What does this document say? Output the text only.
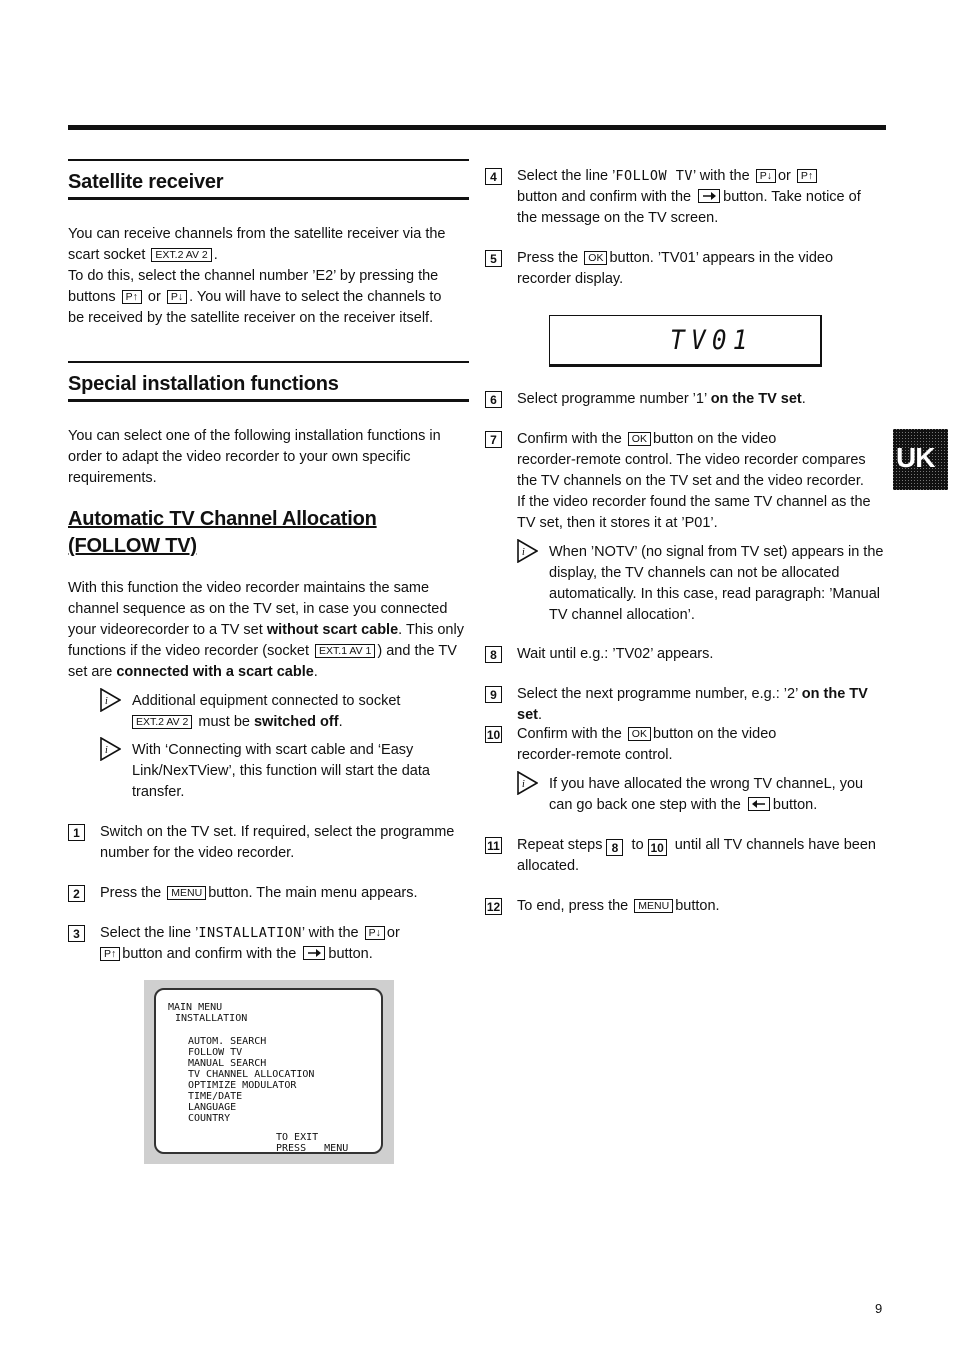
Satellite receiver
You can receive channels from the satellite receiver via the
scart socket EXT.2 AV 2 .
To do this, select the channel number ’E2’ by pressing the
buttons P↑ or P↓ . You will have to select the channels to
be received by the satellite receiver on the receiver itself.
Special installation functions
You can select one of the following installation functions in
order to adapt the video recorder to your own specific
requirements.
Automatic TV Channel Allocation (FOLLOW TV)
With this function the video recorder maintains the same
channel sequence as on the TV set, in case you connected
your videorecorder to a TV set without scart cable. This only
functions if the video recorder (socket EXT.1 AV 1 ) and the TV
set are connected with a scart cable.
i Additional equipment connected to socket
EXT.2 AV 2 must be switched off.
i With ‘Connecting with scart cable and ‘Easy
Link/NexTView’, this function will start the data
transfer.
1	Switch on the TV set. If required, select the programme
number for the video recorder.
2	Press the MENU button. The main menu appears.
3	Select the line ’INSTALLATION’ with the P↓ or
P↑ button and confirm with the button.
MAIN MENU
INSTALLATION
AUTOM. SEARCH
FOLLOW TV
MANUAL SEARCH
TV CHANNEL ALLOCATION
OPTIMIZE MODULATOR
TIME/DATE
LANGUAGE
COUNTRY
TO EXIT
PRESS   MENU
4	Select the line ’FOLLOW TV’ with the P↓ or P↑
button and confirm with the button. Take notice of
the message on the TV screen.
5	Press the OK button. ’TV01’ appears in the video
recorder display.
TV01
6	Select programme number ’1’ on the TV set.
7	Confirm with the OK button on the video
recorder-remote control. The video recorder compares
the TV channels on the TV set and the video recorder.
If the video recorder found the same TV channel as the
TV set, then it stores it at ’P01’.
i When ’NOTV’ (no signal from TV set) appears in the
display, the TV channels can not be allocated
automatically. In this case, read paragraph: ’Manual
TV channel allocation’.
8	Wait until e.g.: ’TV02’ appears.
9	Select the next programme number, e.g.: ’2’ on the TV set.
10 Confirm with the OK button on the video
recorder-remote control.
i If you have allocated the wrong TV channeL, you
can go back one step with the button.
11 Repeat steps 8 to 10 until all TV channels have been
allocated.
12 To end, press the MENU button.
UK
9
